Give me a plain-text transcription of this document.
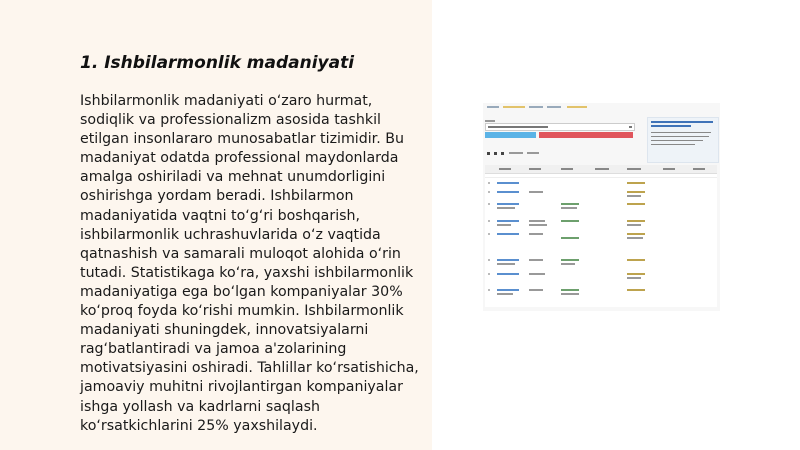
1. Ishbilarmonlik madaniyati

Ishbilarmonlik madaniyati o‘zaro hurmat, sodiqlik va professionalizm asosida tashkil etilgan insonlararo munosabatlar tizimidir. Bu madaniyat odatda professional maydonlarda amalga oshiriladi va mehnat unumdorligini oshirishga yordam beradi. Ishbilarmon madaniyatida vaqtni to‘g‘ri boshqarish, ishbilarmonlik uchrashuvlarida o‘z vaqtida qatnashish va samarali muloqot alohida o‘rin tutadi. Statistikaga ko‘ra, yaxshi ishbilarmonlik madaniyatiga ega bo‘lgan kompaniyalar 30% ko‘proq foyda ko‘rishi mumkin. Ishbilarmonlik madaniyati shuningdek, innovatsiyalarni rag‘batlantiradi va jamoa a'zolarining motivatsiyasini oshiradi. Tahlillar ko‘rsatishicha, jamoaviy muhitni rivojlantirgan kompaniyalar ishga yollash va kadrlarni saqlash ko‘rsatkichlarini 25% yaxshilaydi.
